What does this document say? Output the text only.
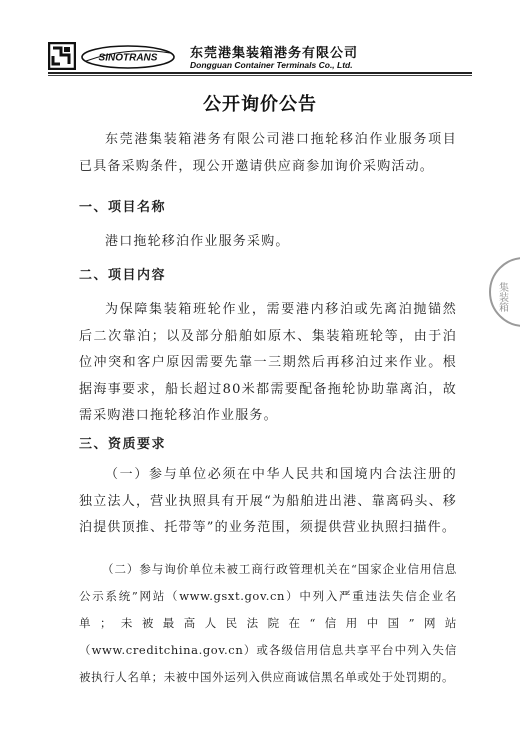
SINOTRANS	东莞港集装箱港务有限公司
Dongguan Container Terminals Co., Ltd.
公开询价公告

东莞港集装箱港务有限公司港口拖轮移泊作业服务项目已具备采购条件，现公开邀请供应商参加询价采购活动。

一、项目名称

港口拖轮移泊作业服务采购。

二、项目内容

为保障集装箱班轮作业，需要港内移泊或先离泊抛锚然后二次靠泊；以及部分船舶如原木、集装箱班轮等，由于泊位冲突和客户原因需要先靠一三期然后再移泊过来作业。根据海事要求，船长超过80米都需要配备拖轮协助靠离泊，故需采购港口拖轮移泊作业服务。

三、资质要求

（一）参与单位必须在中华人民共和国境内合法注册的独立法人，营业执照具有开展“为船舶进出港、靠离码头、移泊提供顶推、托带等”的业务范围，须提供营业执照扫描件。

（二）参与询价单位未被工商行政管理机关在“国家企业信用信息公示系统”网站（www.gsxt.gov.cn）中列入严重违法失信企业名单；未被最高人民法院在“信用中国”网站（www.creditchina.gov.cn）或各级信用信息共享平台中列入失信被执行人名单；未被中国外运列入供应商诚信黑名单或处于处罚期的。

集装箱
